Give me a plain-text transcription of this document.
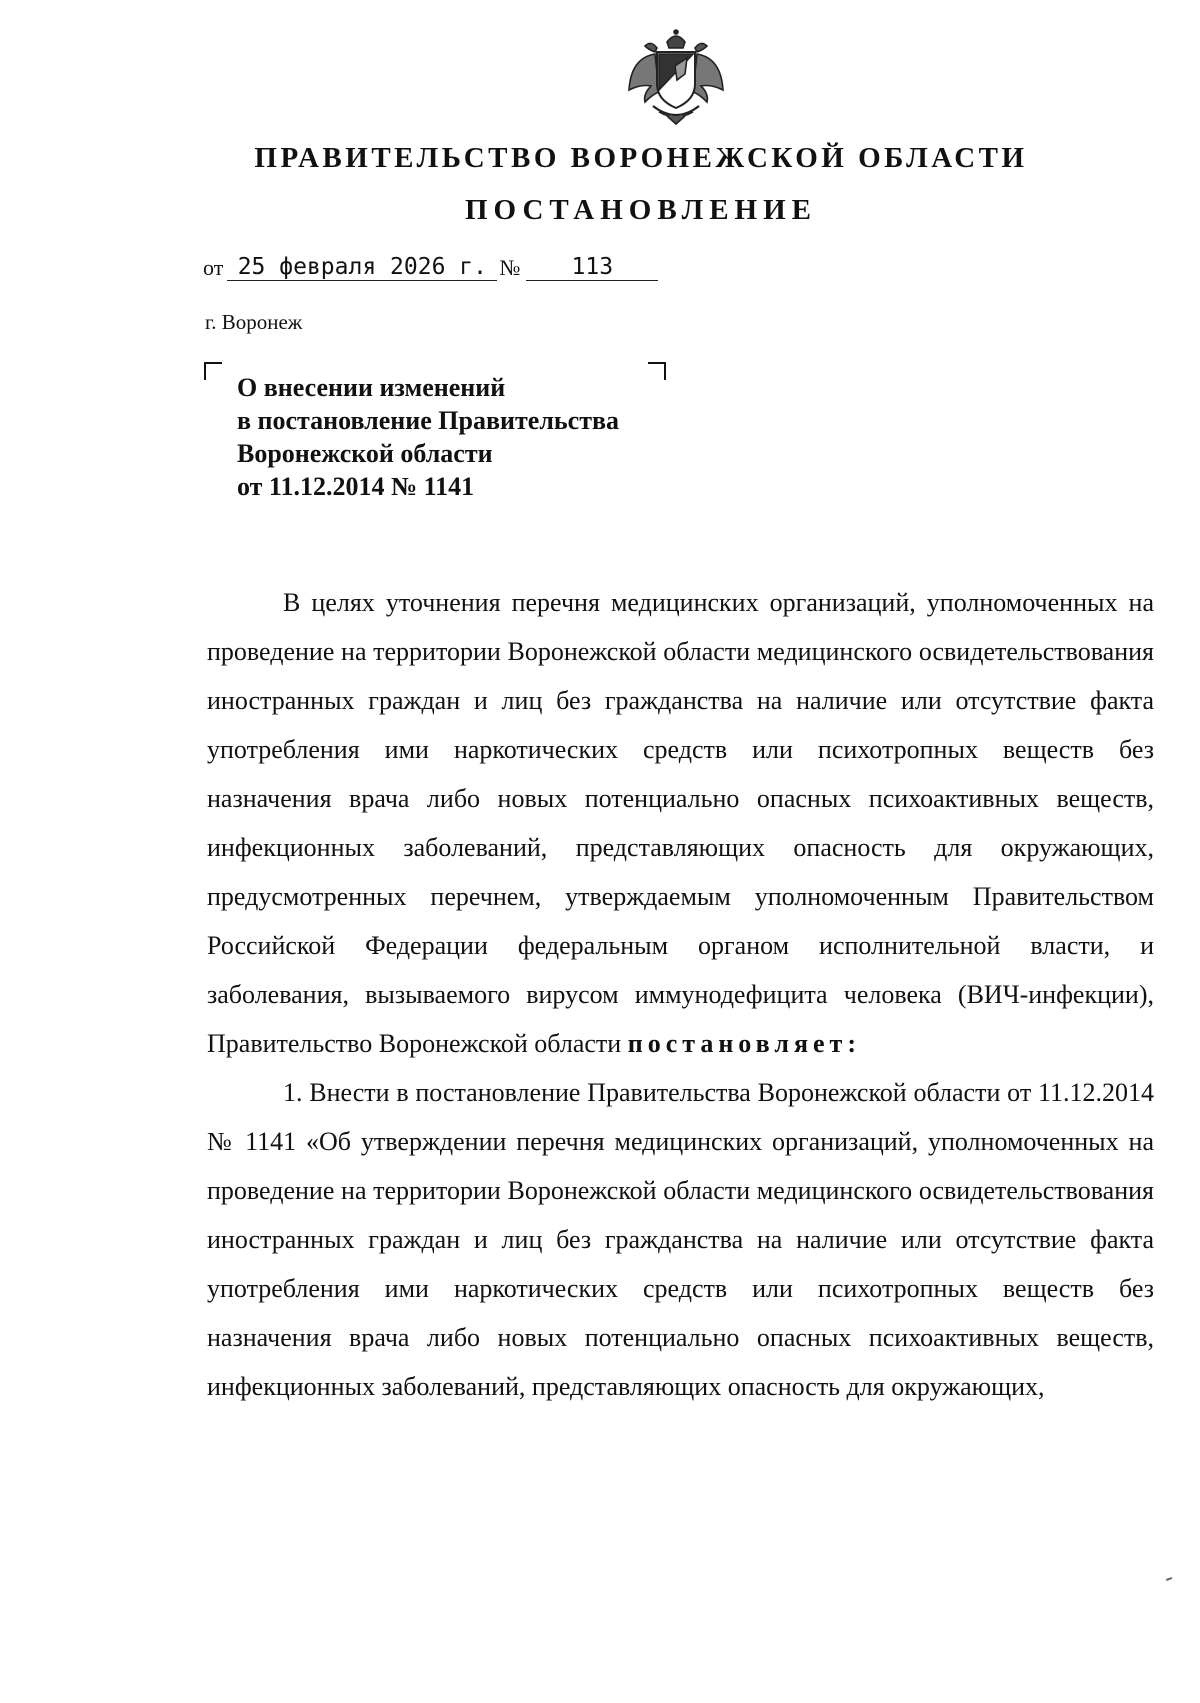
ПРАВИТЕЛЬСТВО ВОРОНЕЖСКОЙ ОБЛАСТИ
ПОСТАНОВЛЕНИЕ
от 25 февраля 2026 г. №	113
г. Воронеж
О внесении изменений
в постановление Правительства
Воронежской области
от 11.12.2014 № 1141

В целях уточнения перечня медицинских организаций, уполномоченных на проведение на территории Воронежской области медицинского освидетельствования иностранных граждан и лиц без гражданства на наличие или отсутствие факта употребления ими наркотических средств или психотропных веществ без назначения врача либо новых потенциально опасных психоактивных веществ, инфекционных заболеваний, представляющих опасность для окружающих, предусмотренных перечнем, утверждаемым уполномоченным Правительством Российской Федерации федеральным органом исполнительной власти, и заболевания, вызываемого вирусом иммунодефицита человека (ВИЧ-инфекции), Правительство Воронежской области постановляет:

1. Внести в постановление Правительства Воронежской области от 11.12.2014 № 1141 «Об утверждении перечня медицинских организаций, уполномоченных на проведение на территории Воронежской области медицинского освидетельствования иностранных граждан и лиц без гражданства на наличие или отсутствие факта употребления ими наркотических средств или психотропных веществ без назначения врача либо новых потенциально опасных психоактивных веществ, инфекционных заболеваний, представляющих опасность для окружающих,
